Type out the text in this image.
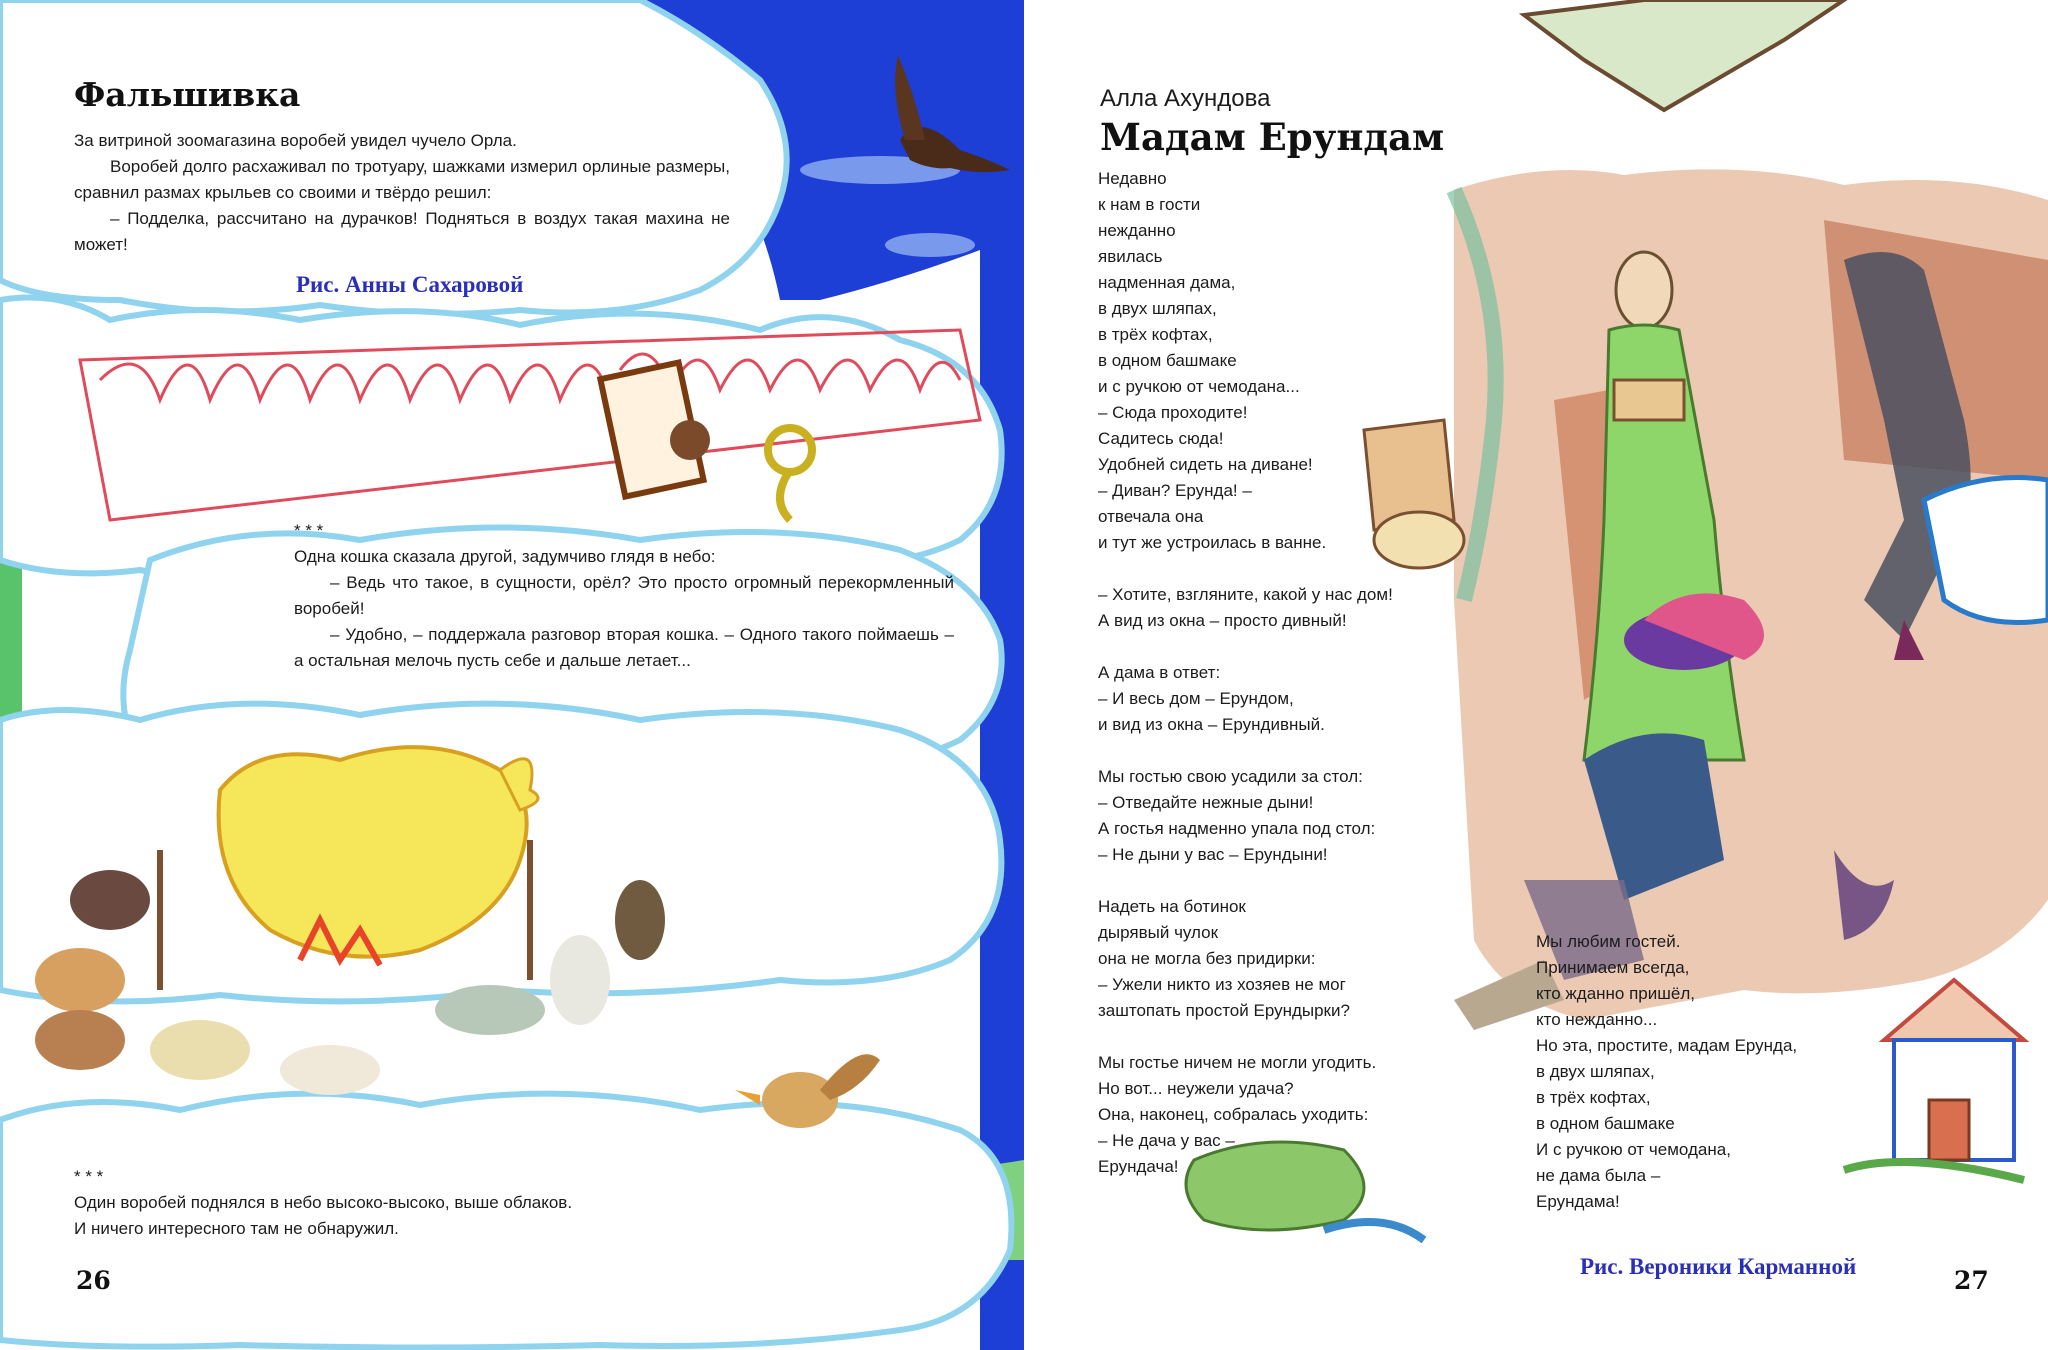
Фальшивка
За витриной зоомагазина воробей увидел чучело Орла.
Воробей долго расхаживал по тротуару, шажками измерил орлиные размеры, сравнил размах крыльев со своими и твёрдо решил:
– Подделка, рассчитано на дурачков! Подняться в воздух такая махина не может!
Рис. Анны Сахаровой
* * *
Одна кошка сказала другой, задумчиво глядя в небо:
– Ведь что такое, в сущности, орёл? Это просто огромный перекормленный воробей!
– Удобно, – поддержала разговор вторая кошка. – Одного такого поймаешь – а остальная мелочь пусть себе и дальше летает...
* * *
Один воробей поднялся в небо высоко-высоко, выше облаков.
И ничего интересного там не обнаружил.
26
Алла Ахундова
Мадам Ерундам
Недавно
к нам в гости
нежданно
явилась
надменная дама,
в двух шляпах,
в трёх кофтах,
в одном башмаке
и с ручкою от чемодана...
– Сюда проходите!
Садитесь сюда!
Удобней сидеть на диване!
– Диван? Ерунда! –
отвечала она
и тут же устроилась в ванне.
– Хотите, взгляните, какой у нас дом!
А вид из окна – просто дивный!
А дама в ответ:
– И весь дом – Ерундом,
и вид из окна – Ерундивный.
Мы гостью свою усадили за стол:
– Отведайте нежные дыни!
А гостья надменно упала под стол:
– Не дыни у вас – Ерундыни!
Надеть на ботинок
дырявый чулок
она не могла без придирки:
– Ужели никто из хозяев не мог
заштопать простой Ерундырки?
Мы гостье ничем не могли угодить.
Но вот... неужели удача?
Она, наконец, собралась уходить:
– Не дача у вас –
Ерундача!
Мы любим гостей.
Принимаем всегда,
кто жданно пришёл,
кто нежданно...
Но эта, простите, мадам Ерунда,
в двух шляпах,
в трёх кофтах,
в одном башмаке
И с ручкою от чемодана,
не дама была –
Ерундама!
Рис. Вероники Карманной	27
